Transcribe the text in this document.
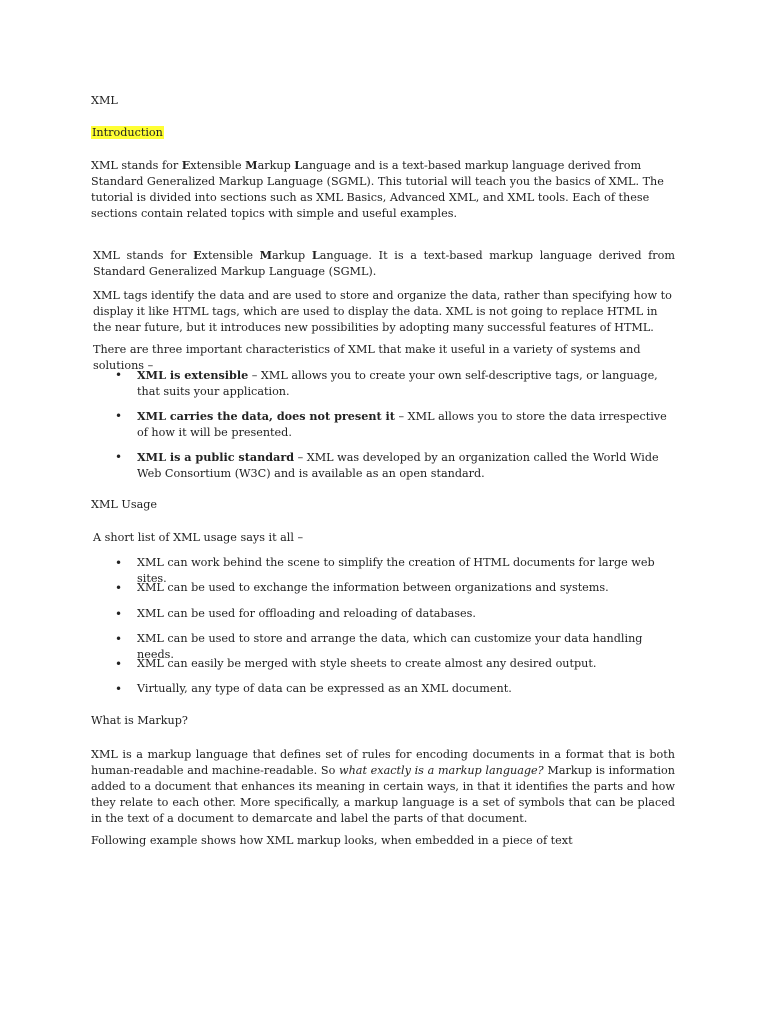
XML

Introduction

XML stands for Extensible Markup Language and is a text-based markup language derived from Standard Generalized Markup Language (SGML). This tutorial will teach you the basics of XML. The tutorial is divided into sections such as XML Basics, Advanced XML, and XML tools. Each of these sections contain related topics with simple and useful examples.

XML stands for Extensible Markup Language. It is a text-based markup language derived from Standard Generalized Markup Language (SGML).

XML tags identify the data and are used to store and organize the data, rather than specifying how to display it like HTML tags, which are used to display the data. XML is not going to replace HTML in the near future, but it introduces new possibilities by adopting many successful features of HTML.

There are three important characteristics of XML that make it useful in a variety of systems and solutions –

• XML is extensible – XML allows you to create your own self-descriptive tags, or language, that suits your application.
• XML carries the data, does not present it – XML allows you to store the data irrespective of how it will be presented.
• XML is a public standard – XML was developed by an organization called the World Wide Web Consortium (W3C) and is available as an open standard.

XML Usage

A short list of XML usage says it all –

• XML can work behind the scene to simplify the creation of HTML documents for large web sites.
• XML can be used to exchange the information between organizations and systems.
• XML can be used for offloading and reloading of databases.
• XML can be used to store and arrange the data, which can customize your data handling needs.
• XML can easily be merged with style sheets to create almost any desired output.
• Virtually, any type of data can be expressed as an XML document.

What is Markup?

XML is a markup language that defines set of rules for encoding documents in a format that is both human-readable and machine-readable. So what exactly is a markup language? Markup is information added to a document that enhances its meaning in certain ways, in that it identifies the parts and how they relate to each other. More specifically, a markup language is a set of symbols that can be placed in the text of a document to demarcate and label the parts of that document.

Following example shows how XML markup looks, when embedded in a piece of text
